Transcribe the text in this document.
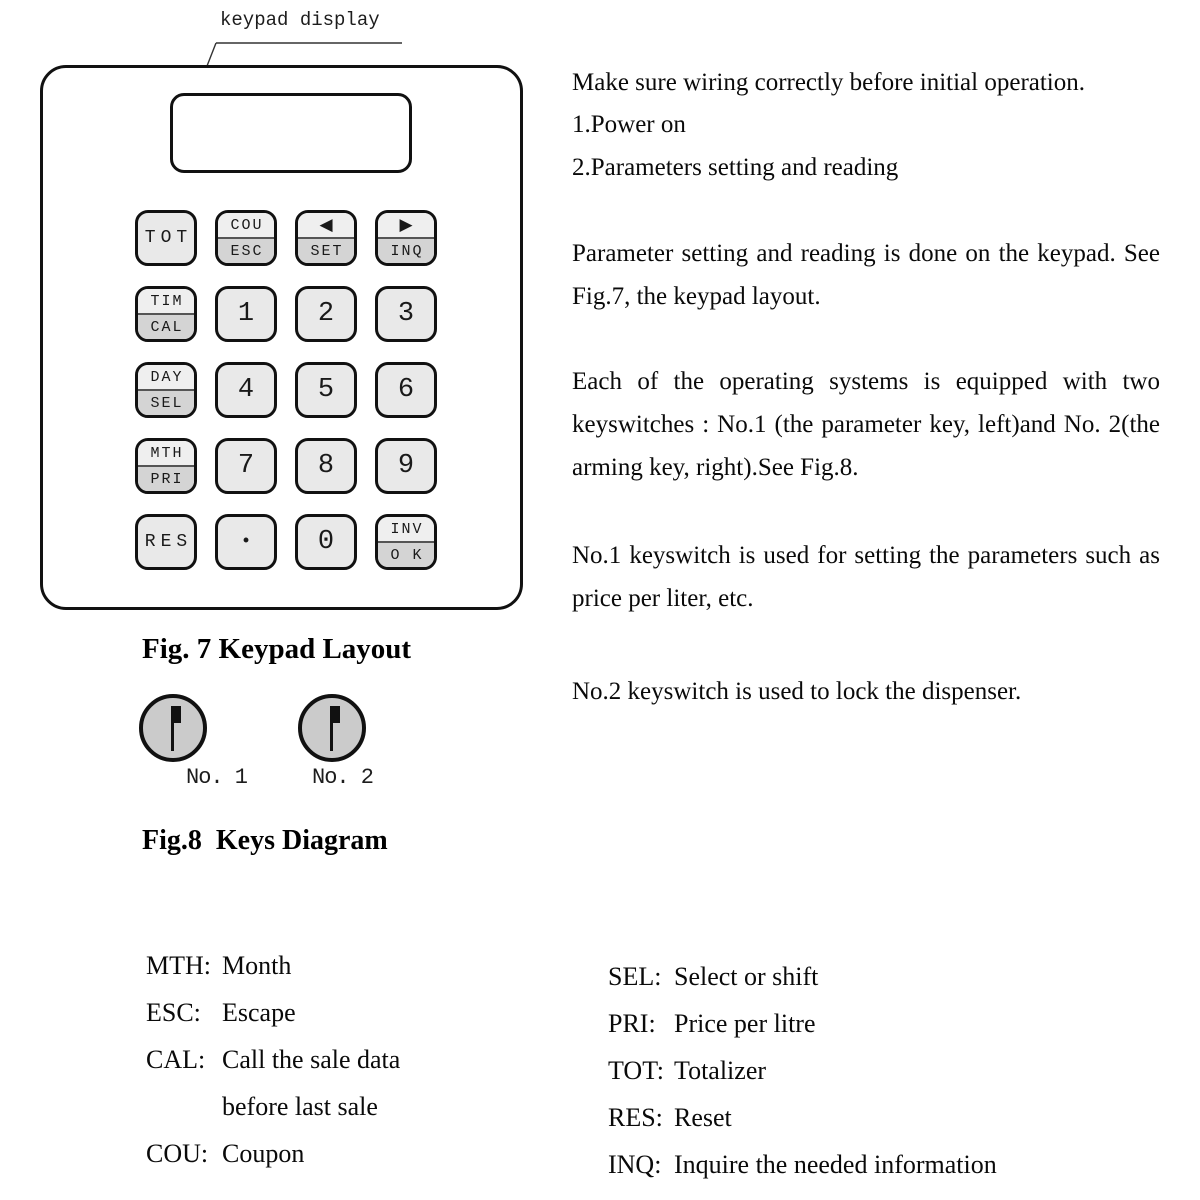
keypad display
TOT
COU
ESC
◀
SET
▶
INQ
TIM
CAL 1 2 3
DAY
SEL 4 5 6
MTH
PRI 7 8 9
RES	• 0	INV
O K
Fig. 7 Keypad Layout
No. 1	No. 2
Fig.8  Keys Diagram

Make sure wiring correctly before initial operation.

1.Power on

2.Parameters setting and reading

Parameter setting and reading is done on the keypad. See Fig.7, the keypad layout.

Each of the operating systems is equipped with two keyswitches : No.1 (the parameter key, left)and No. 2(the arming key, right).See Fig.8.

No.1 keyswitch is used for setting the parameters such as price per liter, etc.

No.2 keyswitch is used to lock the dispenser.

MTH: Month
ESC: Escape
CAL: Call the sale data
before last sale
COU: Coupon
SEL: Select or shift
PRI: Price per litre
TOT: Totalizer
RES: Reset
INQ: Inquire the needed information
